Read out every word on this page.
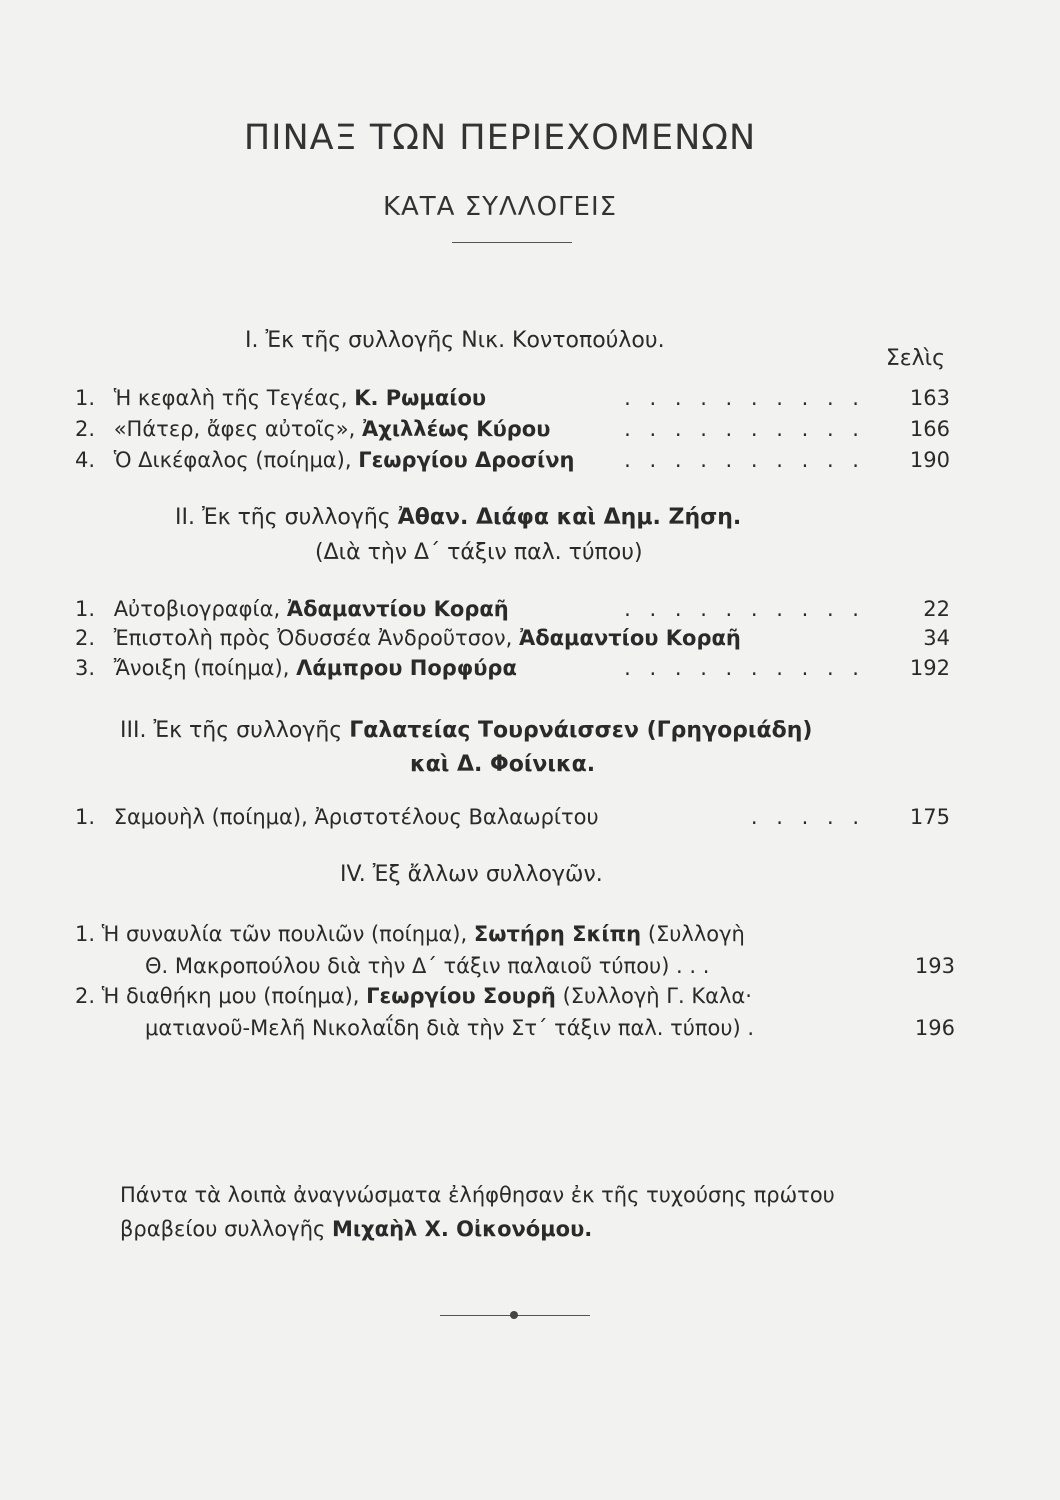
ΠΙΝΑΞ ΤΩΝ ΠΕΡΙΕΧΟΜΕΝΩΝ
ΚΑΤΑ ΣΥΛΛΟΓΕΙΣ
I. Ἐκ τῆς συλλογῆς Νικ. Κοντοπούλου.
Σελὶς
1. Ἡ κεφαλὴ τῆς Τεγέας, Κ. Ρωμαίου	. . . . . . . . . . 163
2. «Πάτερ, ἄφες αὐτοῖς», Ἀχιλλέως Κύρου	. . . . . . . . . . 166
4. Ὁ Δικέφαλος (ποίημα), Γεωργίου Δροσίνη . . . . . . . . . . 190
II. Ἐκ τῆς συλλογῆς Ἀθαν. Διάφα καὶ Δημ. Ζήση.
(Διὰ τὴν Δ΄ τάξιν παλ. τύπου)
1. Αὐτοβιογραφία, Ἀδαμαντίου Κοραῆ	. . . . . . . . . .	22
2. Ἐπιστολὴ πρὸς Ὀδυσσέα Ἀνδροῦτσον, Ἀδαμαντίου Κοραῆ	34
3. Ἄνοιξη (ποίημα), Λάμπρου Πορφύρα	. . . . . . . . . . 192
III. Ἐκ τῆς συλλογῆς Γαλατείας Τουρνάισσεν (Γρηγοριάδη)
καὶ Δ. Φοίνικα.
1. Σαμουὴλ (ποίημα), Ἀριστοτέλους Βαλαωρίτου	. . . . . 175
IV. Ἐξ ἄλλων συλλογῶν.
1. Ἡ συναυλία τῶν πουλιῶν (ποίημα), Σωτήρη Σκίπη (Συλλογὴ
Θ. Μακροπούλου διὰ τὴν Δ΄ τάξιν παλαιοῦ τύπου) . . .	193
2. Ἡ διαθήκη μου (ποίημα), Γεωργίου Σουρῆ (Συλλογὴ Γ. Καλα·
ματιανοῦ-Μελῆ Νικολαΐδη διὰ τὴν Στ΄ τάξιν παλ. τύπου) .	196
Πάντα τὰ λοιπὰ ἀναγνώσματα ἐλήφθησαν ἐκ τῆς τυχούσης πρώτου βραβείου συλλογῆς Μιχαὴλ Χ. Οἰκονόμου.
